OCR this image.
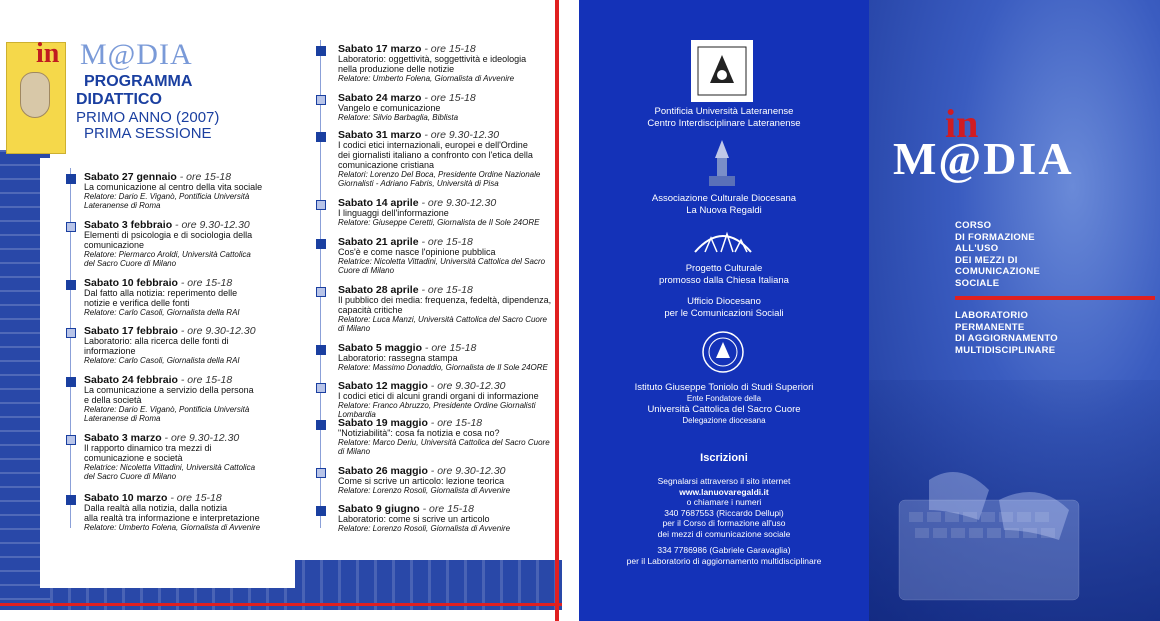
in M@DIA
PROGRAMMA
DIDATTICO
PRIMO ANNO (2007)
PRIMA SESSIONE
Sabato 27 gennaio - ore 15-18
La comunicazione al centro della vita sociale
Relatore: Dario E. Viganò, Pontificia Università
Lateranense di Roma
Sabato 3 febbraio - ore 9.30-12.30
Elementi di psicologia e di sociologia della
comunicazione
Relatore: Piermarco Aroldi, Università Cattolica
del Sacro Cuore di Milano
Sabato 10 febbraio - ore 15-18
Dal fatto alla notizia: reperimento delle
notizie e verifica delle fonti
Relatore: Carlo Casoli, Giornalista della RAI
Sabato 17 febbraio - ore 9.30-12.30
Laboratorio: alla ricerca delle fonti di
informazione
Relatore: Carlo Casoli, Giornalista della RAI
Sabato 24 febbraio - ore 15-18
La comunicazione a servizio della persona
e della società
Relatore: Dario E. Viganò, Pontificia Università
Lateranense di Roma
Sabato 3 marzo - ore 9.30-12.30
Il rapporto dinamico tra mezzi di
comunicazione e società
Relatrice: Nicoletta Vittadini, Università Cattolica
del Sacro Cuore di Milano
Sabato 10 marzo - ore 15-18
Dalla realtà alla notizia, dalla notizia
alla realtà tra informazione e interpretazione
Relatore: Umberto Folena, Giornalista di Avvenire
Sabato 17 marzo - ore 15-18
Laboratorio: oggettività, soggettività e ideologia
nella produzione delle notizie
Relatore: Umberto Folena, Giornalista di Avvenire
Sabato 24 marzo - ore 15-18
Vangelo e comunicazione
Relatore: Silvio Barbaglia, Biblista
Sabato 31 marzo - ore 9.30-12.30
I codici etici internazionali, europei e dell'Ordine
dei giornalisti italiano a confronto con l'etica della
comunicazione cristiana
Relatori: Lorenzo Del Boca, Presidente Ordine Nazionale
Giornalisti - Adriano Fabris, Università di Pisa
Sabato 14 aprile - ore 9.30-12.30
I linguaggi dell'informazione
Relatore: Giuseppe Ceretti, Giornalista de Il Sole 24ORE
Sabato 21 aprile - ore 15-18
Cos'è e come nasce l'opinione pubblica
Relatrice: Nicoletta Vittadini, Università Cattolica del Sacro
Cuore di Milano
Sabato 28 aprile - ore 15-18
Il pubblico dei media: frequenza, fedeltà, dipendenza,
capacità critiche
Relatore: Luca Manzi, Università Cattolica del Sacro Cuore
di Milano
Sabato 5 maggio - ore 15-18
Laboratorio: rassegna stampa
Relatore: Massimo Donaddio, Giornalista de Il Sole 24ORE
Sabato 12 maggio - ore 9.30-12.30
I codici etici di alcuni grandi organi di informazione
Relatore: Franco Abruzzo, Presidente Ordine Giornalisti Lombardia
Sabato 19 maggio - ore 15-18
"Notiziabilità": cosa fa notizia e cosa no?
Relatore: Marco Deriu, Università Cattolica del Sacro Cuore
di Milano
Sabato 26 maggio - ore 9.30-12.30
Come si scrive un articolo: lezione teorica
Relatore: Lorenzo Rosoli, Giornalista di Avvenire
Sabato 9 giugno - ore 15-18
Laboratorio: come si scrive un articolo
Relatore: Lorenzo Rosoli, Giornalista di Avvenire
Pontificia Università Lateranense
Centro Interdisciplinare Lateranense
Associazione Culturale Diocesana
La Nuova Regaldi
Progetto Culturale
promosso dalla Chiesa Italiana
Ufficio Diocesano
per le Comunicazioni Sociali
Istituto Giuseppe Toniolo di Studi Superiori
Ente Fondatore della
Università Cattolica del Sacro Cuore
Delegazione diocesana
Iscrizioni
Segnalarsi attraverso il sito internet
www.lanuovaregaldi.it
o chiamare i numeri
340 7687553 (Riccardo Dellupi)
per il Corso di formazione all'uso
dei mezzi di comunicazione sociale
334 7786986 (Gabriele Garavaglia)
per il Laboratorio di aggiornamento multidisciplinare
in
M@DIA
CORSO
DI FORMAZIONE
ALL'USO
DEI MEZZI DI
COMUNICAZIONE
SOCIALE
LABORATORIO
PERMANENTE
DI AGGIORNAMENTO
MULTIDISCIPLINARE
